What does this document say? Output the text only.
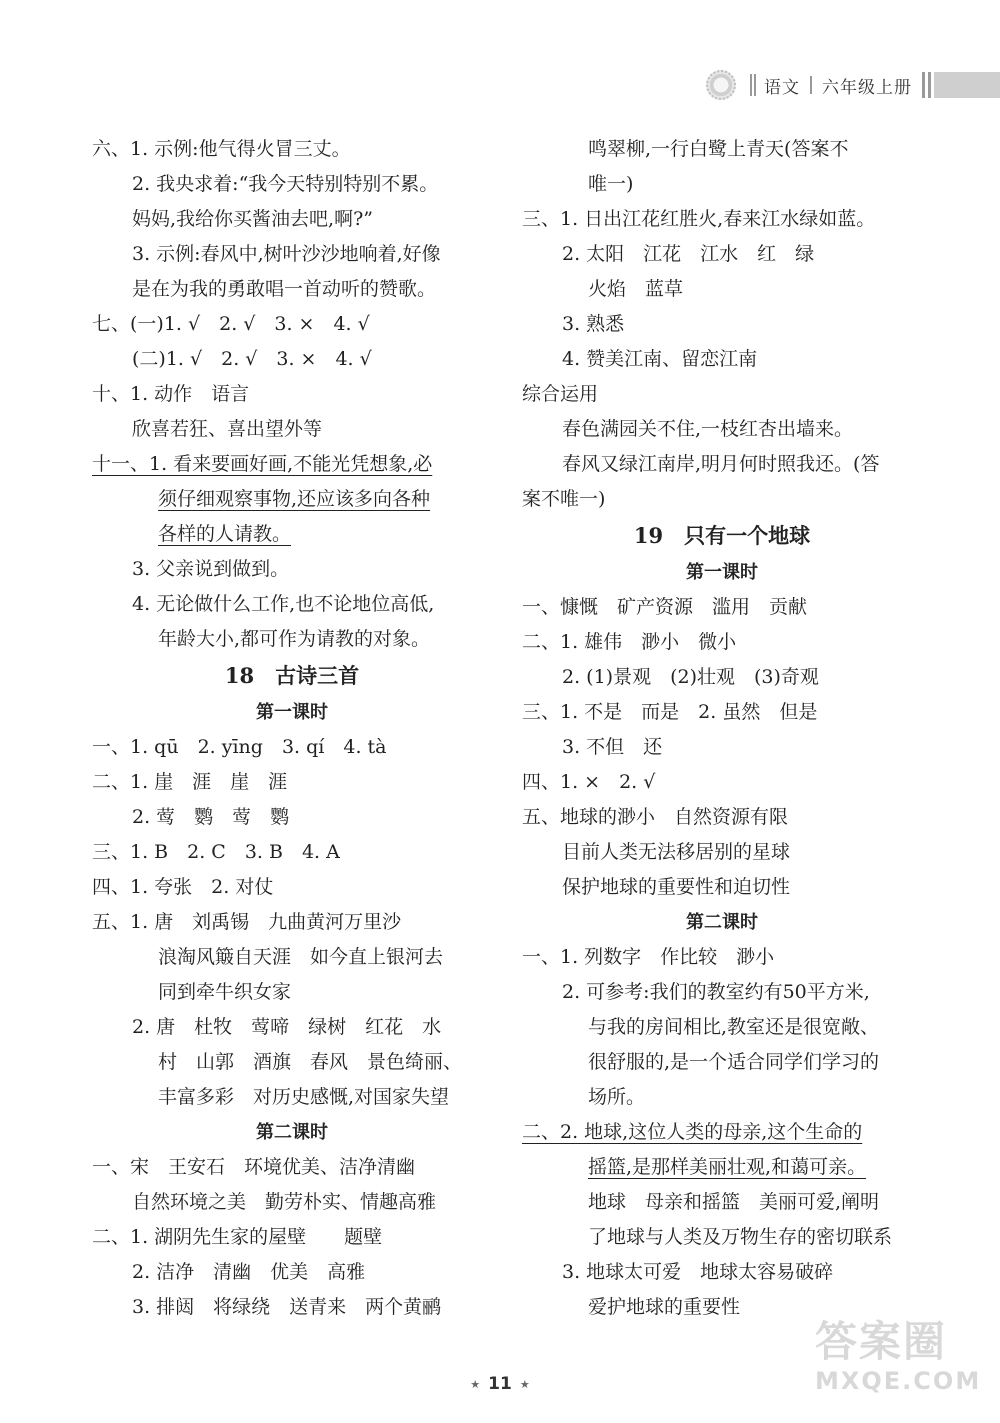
语文 六年级上册
六、1. 示例:他气得火冒三丈。
2. 我央求着:“我今天特别特别不累。
妈妈,我给你买酱油去吧,啊?”
3. 示例:春风中,树叶沙沙地响着,好像
是在为我的勇敢唱一首动听的赞歌。
七、(一)1. √　2. √　3. ×　4. √
(二)1. √　2. √　3. ×　4. √
十、1. 动作　语言
欣喜若狂、喜出望外等
十一、1. 看来要画好画,不能光凭想象,必
须仔细观察事物,还应该多向各种
各样的人请教。
3. 父亲说到做到。
4. 无论做什么工作,也不论地位高低,
年龄大小,都可作为请教的对象。
18　古诗三首
第一课时
一、1. qū　2. yīng　3. qí　4. tà
二、1. 崖　涯　崖　涯
2. 莺　鹦　莺　鹦
三、1. B　2. C　3. B　4. A
四、1. 夸张　2. 对仗
五、1. 唐　刘禹锡　九曲黄河万里沙
浪淘风簸自天涯　如今直上银河去
同到牵牛织女家
2. 唐　杜牧　莺啼　绿树　红花　水
村　山郭　酒旗　春风　景色绮丽、
丰富多彩　对历史感慨,对国家失望
第二课时
一、宋　王安石　环境优美、洁净清幽
自然环境之美　勤劳朴实、情趣高雅
二、1. 湖阴先生家的屋壁　　题壁
2. 洁净　清幽　优美　高雅
3. 排闼　将绿绕　送青来　两个黄鹂
鸣翠柳,一行白鹭上青天(答案不
唯一)
三、1. 日出江花红胜火,春来江水绿如蓝。
2. 太阳　江花　江水　红　绿
火焰　蓝草
3. 熟悉
4. 赞美江南、留恋江南
综合运用
春色满园关不住,一枝红杏出墙来。
春风又绿江南岸,明月何时照我还。(答
案不唯一)
19　只有一个地球
第一课时
一、慷慨　矿产资源　滥用　贡献
二、1. 雄伟　渺小　微小
2. (1)景观　(2)壮观　(3)奇观
三、1. 不是　而是　2. 虽然　但是
3. 不但　还
四、1. ×　2. √
五、地球的渺小　自然资源有限
目前人类无法移居别的星球
保护地球的重要性和迫切性
第二课时
一、1. 列数字　作比较　渺小
2. 可参考:我们的教室约有50平方米,
与我的房间相比,教室还是很宽敞、
很舒服的,是一个适合同学们学习的
场所。
二、2. 地球,这位人类的母亲,这个生命的
摇篮,是那样美丽壮观,和蔼可亲。
地球　母亲和摇篮　美丽可爱,阐明
了地球与人类及万物生存的密切联系
3. 地球太可爱　地球太容易破碎
爱护地球的重要性
★ 11 ★
答案圈
MXQE.COM
